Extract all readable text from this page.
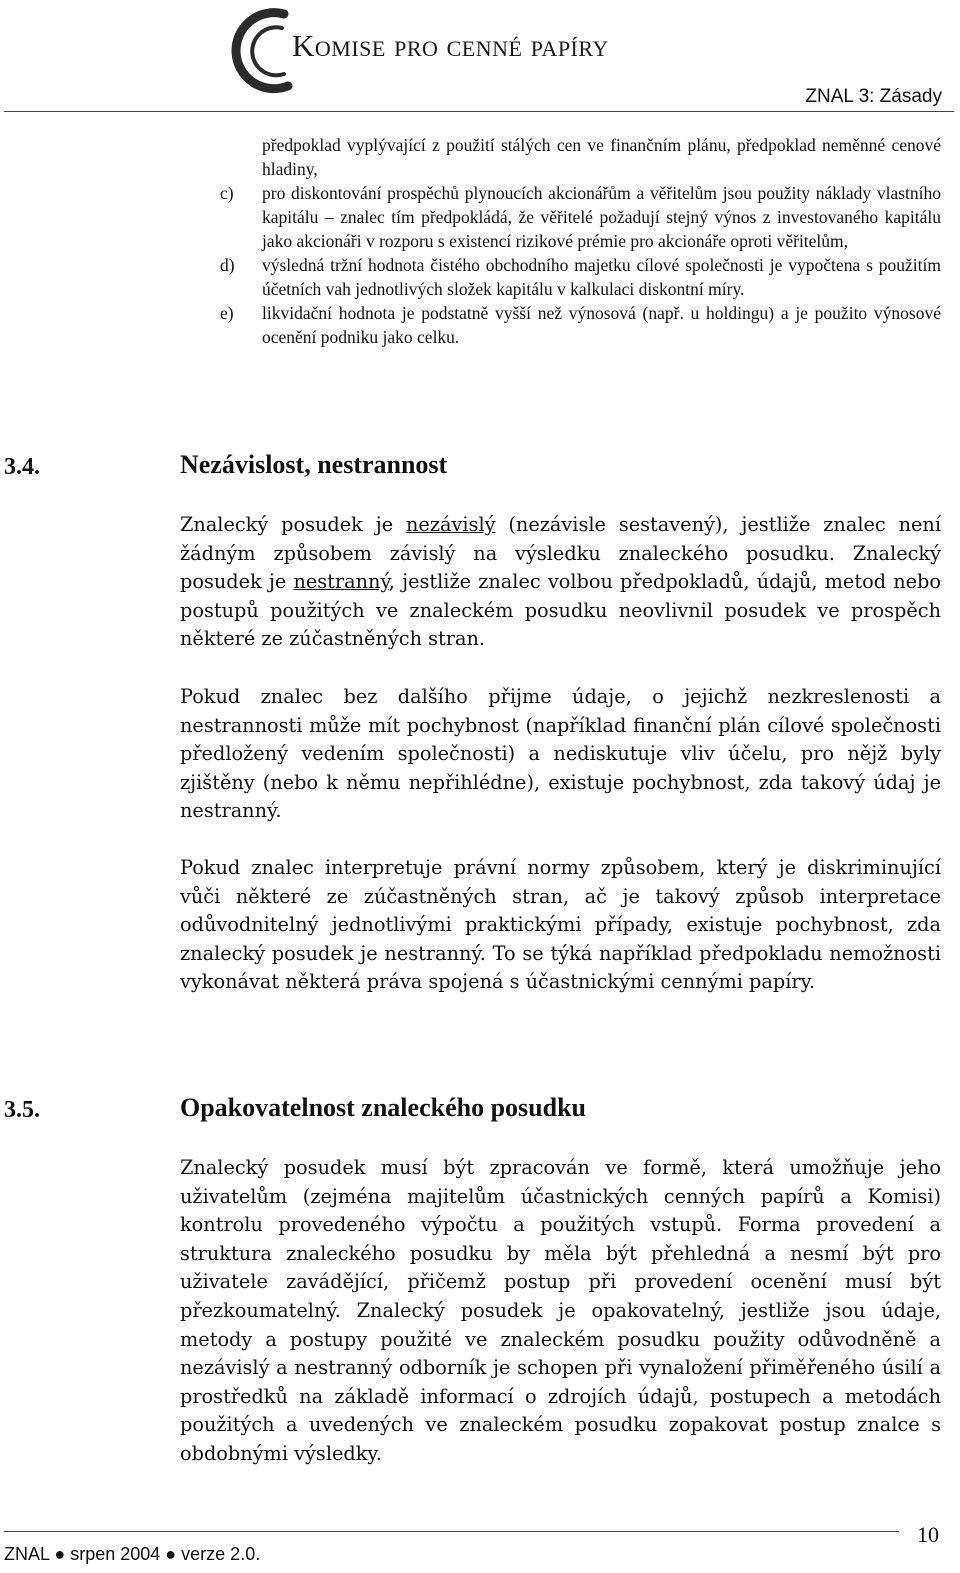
Komise pro cenné papíry
ZNAL 3: Zásady
předpoklad vyplývající z použití stálých cen ve finančním plánu, předpoklad neměnné cenové hladiny,
c) pro diskontování prospěchů plynoucích akcionářům a věřitelům jsou použity náklady vlastního kapitálu – znalec tím předpokládá, že věřitelé požadují stejný výnos z investovaného kapitálu jako akcionáři v rozporu s existencí rizikové prémie pro akcionáře oproti věřitelům,
d) výsledná tržní hodnota čistého obchodního majetku cílové společnosti je vypočtena s použitím účetních vah jednotlivých složek kapitálu v kalkulaci diskontní míry.
e) likvidační hodnota je podstatně vyšší než výnosová (např. u holdingu) a je použito výnosové ocenění podniku jako celku.
3.4.	Nezávislost, nestrannost
Znalecký posudek je nezávislý (nezávisle sestavený), jestliže znalec není žádným způsobem závislý na výsledku znaleckého posudku. Znalecký posudek je nestranný, jestliže znalec volbou předpokladů, údajů, metod nebo postupů použitých ve znaleckém posudku neovlivnil posudek ve prospěch některé ze zúčastněných stran.
Pokud znalec bez dalšího přijme údaje, o jejichž nezkreslenosti a nestrannosti může mít pochybnost (například finanční plán cílové společnosti předložený vedením společnosti) a nediskutuje vliv účelu, pro nějž byly zjištěny (nebo k němu nepřihlédne), existuje pochybnost, zda takový údaj je nestranný.
Pokud znalec interpretuje právní normy způsobem, který je diskriminující vůči některé ze zúčastněných stran, ač je takový způsob interpretace odůvodnitelný jednotlivými praktickými případy, existuje pochybnost, zda znalecký posudek je nestranný. To se týká například předpokladu nemožnosti vykonávat některá práva spojená s účastnickými cennými papíry.
3.5.	Opakovatelnost znaleckého posudku
Znalecký posudek musí být zpracován ve formě, která umožňuje jeho uživatelům (zejména majitelům účastnických cenných papírů a Komisi) kontrolu provedeného výpočtu a použitých vstupů. Forma provedení a struktura znaleckého posudku by měla být přehledná a nesmí být pro uživatele zavádějící, přičemž postup při provedení ocenění musí být přezkoumatelný. Znalecký posudek je opakovatelný, jestliže jsou údaje, metody a postupy použité ve znaleckém posudku použity odůvodněně a nezávislý a nestranný odborník je schopen při vynaložení přiměřeného úsilí a prostředků na základě informací o zdrojích údajů, postupech a metodách použitých a uvedených ve znaleckém posudku zopakovat postup znalce s obdobnými výsledky.
10
ZNAL ● srpen 2004 ● verze 2.0.
